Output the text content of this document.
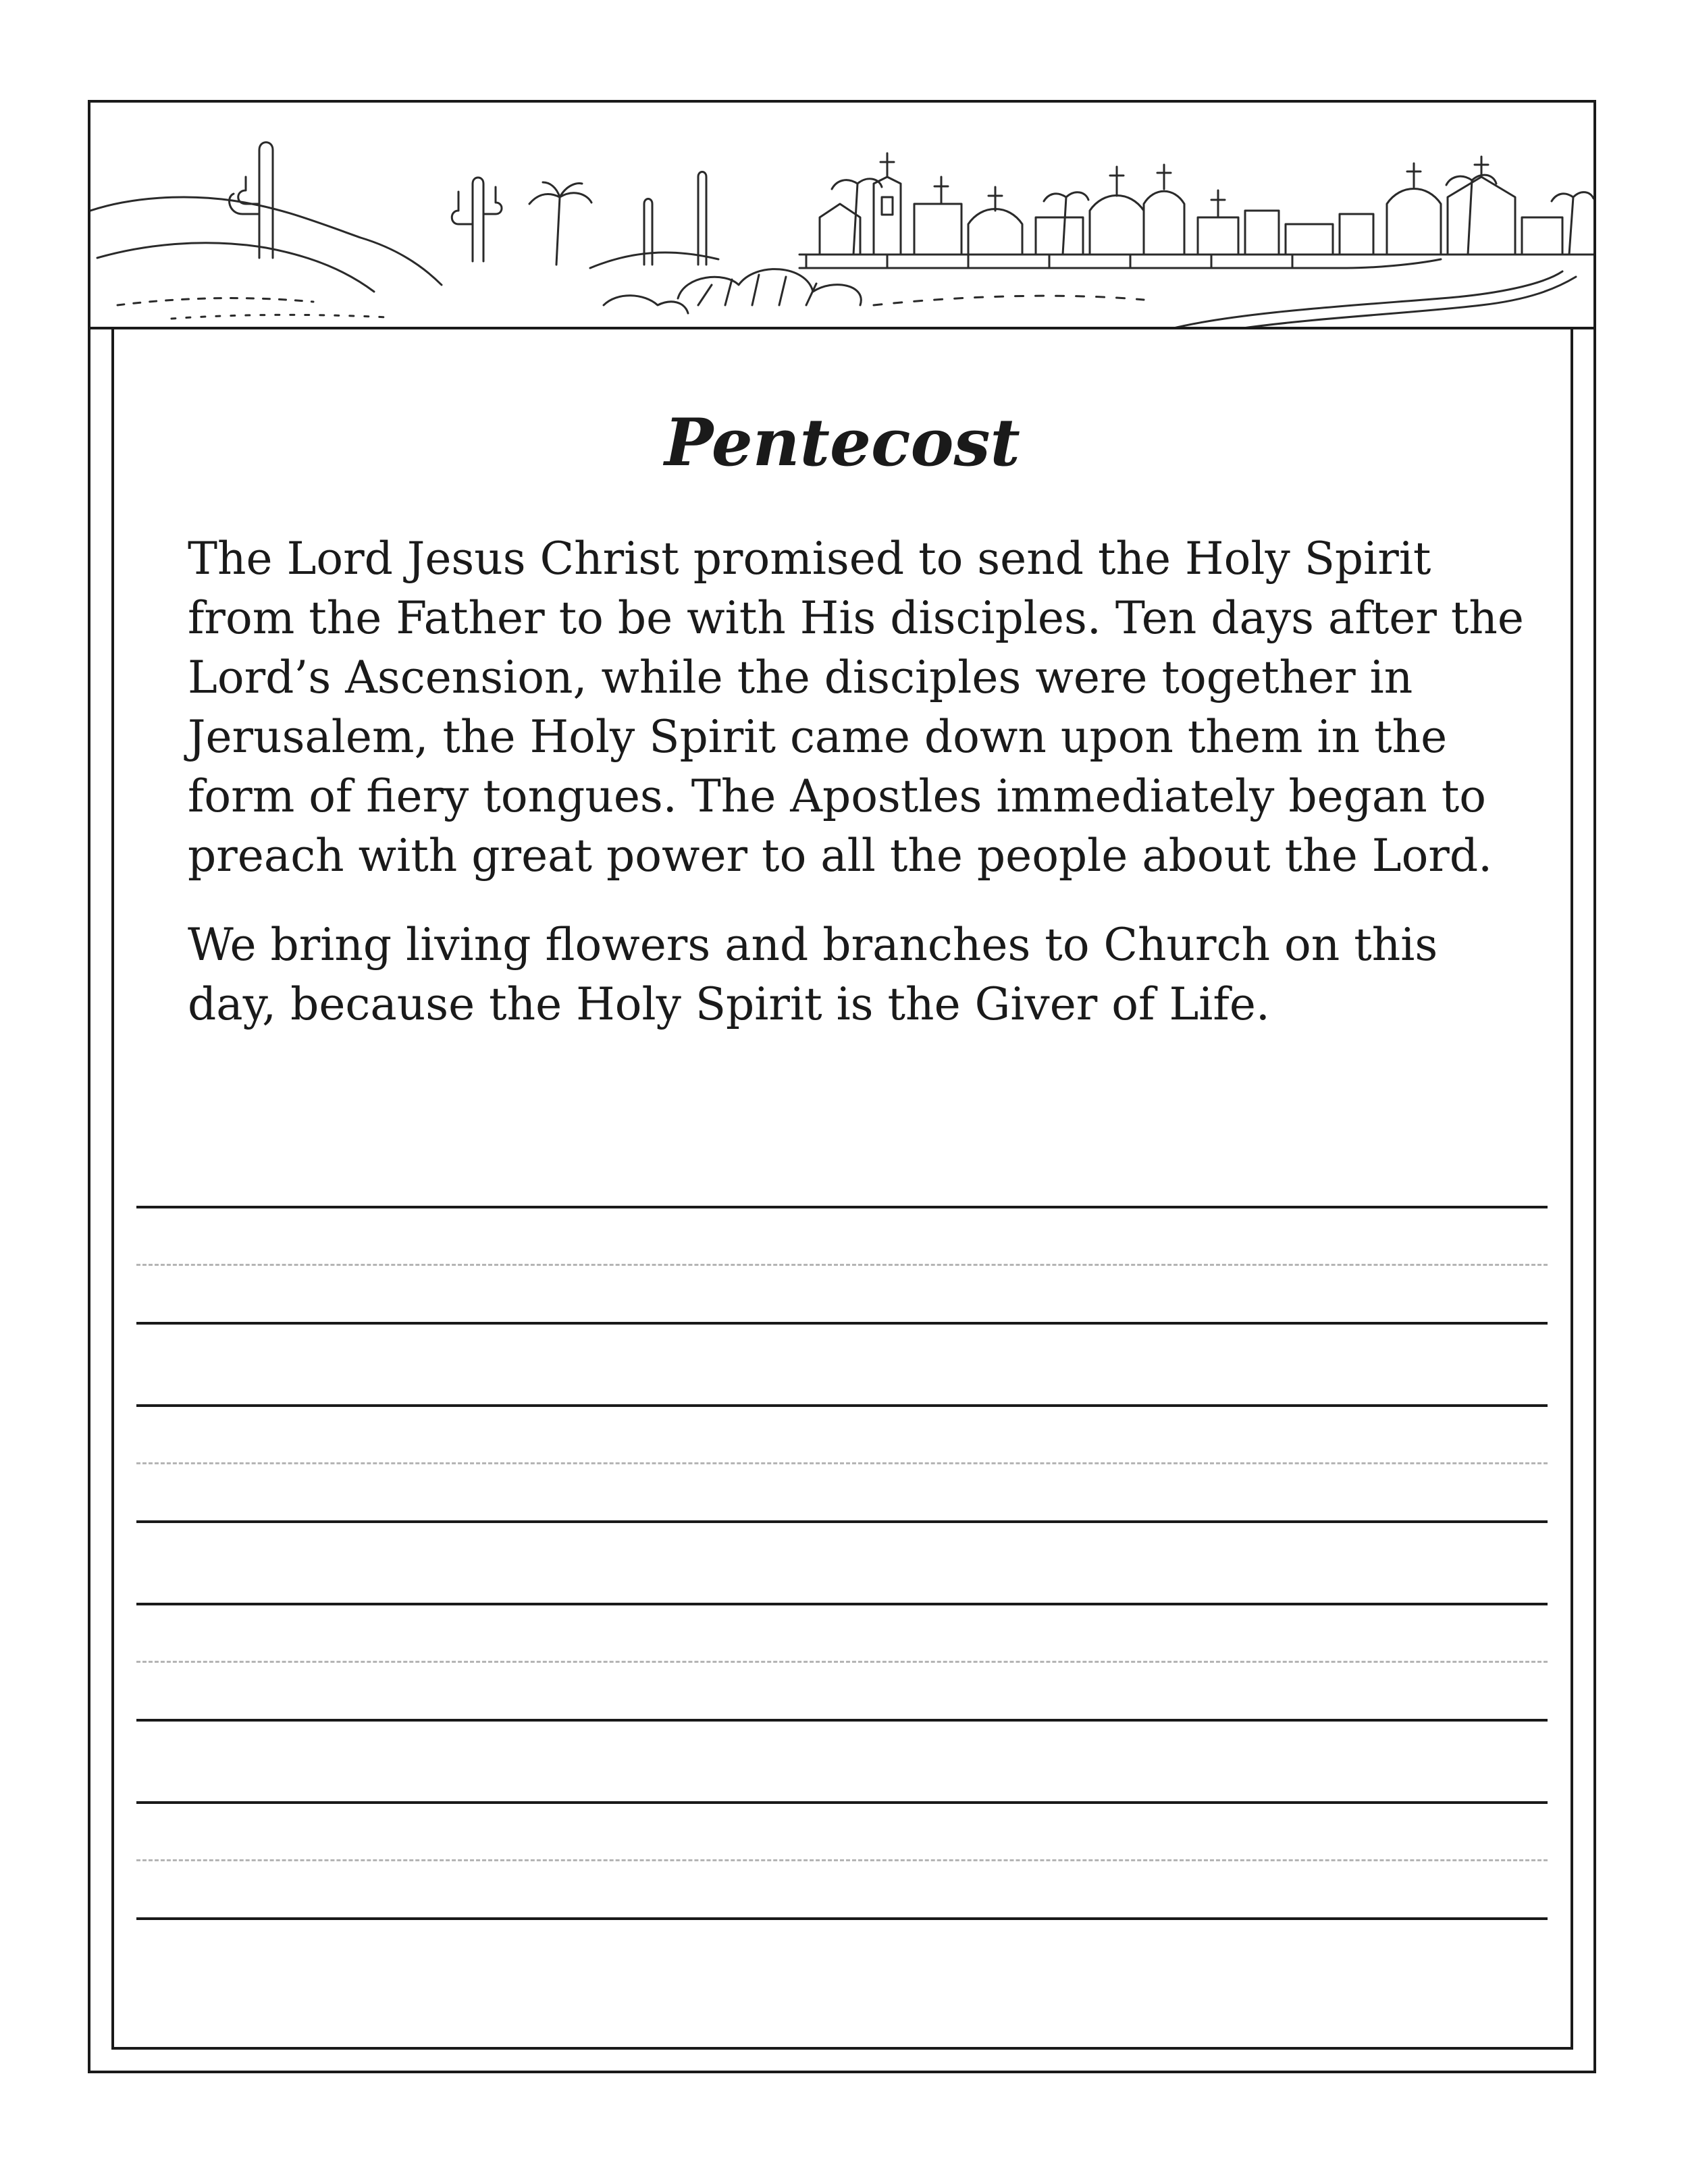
Pentecost

The Lord Jesus Christ promised to send the Holy Spirit from the Father to be with His disciples. Ten days after the Lord’s Ascension, while the disciples were together in Jerusalem, the Holy Spirit came down upon them in the form of fiery tongues. The Apostles immediately began to preach with great power to all the people about the Lord.

We bring living flowers and branches to Church on this day, because the Holy Spirit is the Giver of Life.
